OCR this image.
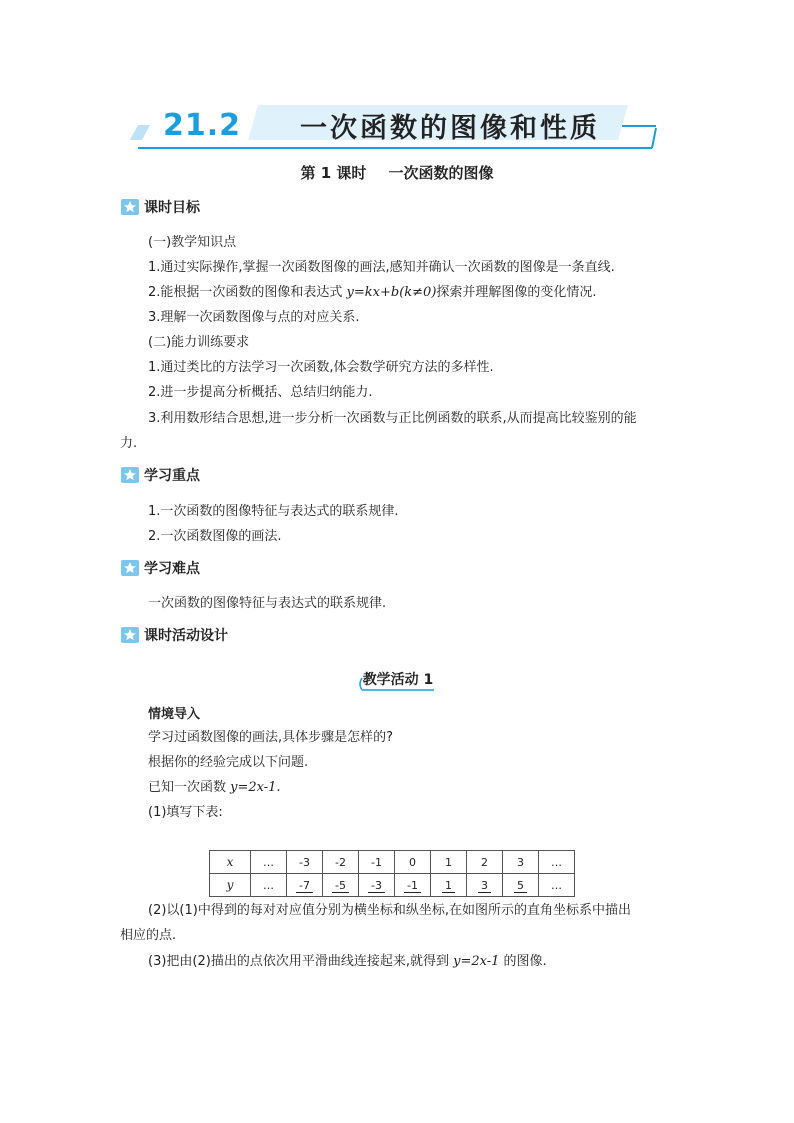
21.2 一次函数的图像和性质
第 1 课时 一次函数的图像
课时目标
(一)教学知识点
1.通过实际操作,掌握一次函数图像的画法,感知并确认一次函数的图像是一条直线.
2.能根据一次函数的图像和表达式 y=kx+b(k≠0)探索并理解图像的变化情况.
3.理解一次函数图像与点的对应关系.
(二)能力训练要求
1.通过类比的方法学习一次函数,体会数学研究方法的多样性.
2.进一步提高分析概括、总结归纳能力.
3.利用数形结合思想,进一步分析一次函数与正比例函数的联系,从而提高比较鉴别的能
力.
学习重点
1.一次函数的图像特征与表达式的联系规律.
2.一次函数图像的画法.
学习难点
一次函数的图像特征与表达式的联系规律.
课时活动设计
教学活动 1
情境导入
学习过函数图像的画法,具体步骤是怎样的?
根据你的经验完成以下问题.
已知一次函数 y=2x-1.
(1)填写下表:
x	…	-3	-2	-1	0	1	2	3	…
y	…	-7	-5	-3	-1	1	3	5	…
(2)以(1)中得到的每对对应值分别为横坐标和纵坐标,在如图所示的直角坐标系中描出
相应的点.
(3)把由(2)描出的点依次用平滑曲线连接起来,就得到 y=2x-1 的图像.
